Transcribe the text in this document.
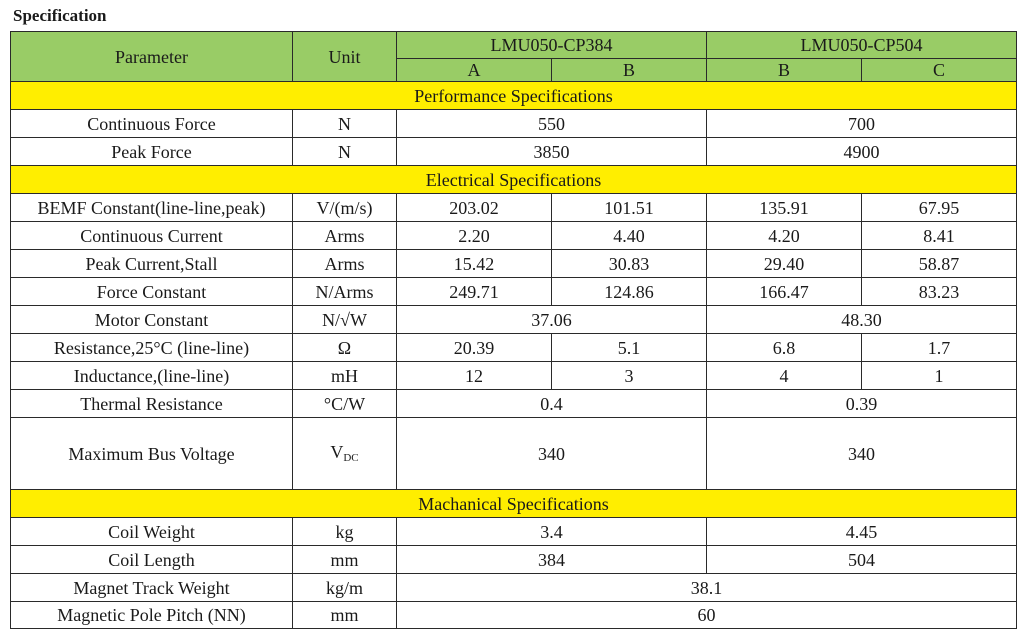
Specification
Parameter	Unit	LMU050-CP384		LMU050-CP504	
		A	B	B	C
Performance Specifications					
Continuous Force	N	550		700	
Peak Force	N	3850		4900	
Electrical Specifications					
BEMF Constant(line-line,peak)	V/(m/s)	203.02	101.51	135.91	67.95
Continuous Current	Arms	2.20	4.40	4.20	8.41
Peak Current,Stall	Arms	15.42	30.83	29.40	58.87
Force Constant	N/Arms	249.71	124.86	166.47	83.23
Motor Constant	N/√W	37.06		48.30	
Resistance,25°C (line-line)	Ω	20.39	5.1	6.8	1.7
Inductance,(line-line)	mH	12	3	4	1
Thermal Resistance	°C/W	0.4		0.39	
Maximum Bus Voltage	$V_{DC}$	340		340	
Machanical Specifications					
Coil Weight	kg	3.4		4.45	
Coil Length	mm	384		504	
Magnet Track Weight	kg/m	38.1			
Magnetic Pole Pitch (NN)	mm	60			
